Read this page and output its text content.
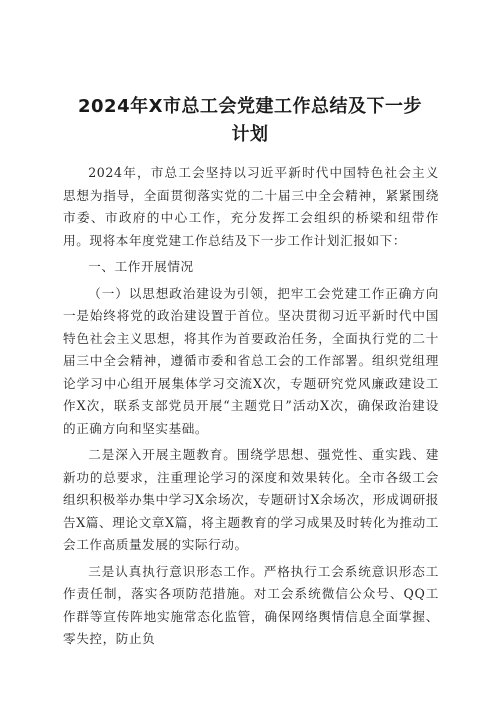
2024年X市总工会党建工作总结及下一步计划

2024年，市总工会坚持以习近平新时代中国特色社会主义思想为指导，全面贯彻落实党的二十届三中全会精神，紧紧围绕市委、市政府的中心工作，充分发挥工会组织的桥梁和纽带作用。现将本年度党建工作总结及下一步工作计划汇报如下：

一、工作开展情况

（一）以思想政治建设为引领，把牢工会党建工作正确方向一是始终将党的政治建设置于首位。坚决贯彻习近平新时代中国特色社会主义思想，将其作为首要政治任务，全面执行党的二十届三中全会精神，遵循市委和省总工会的工作部署。组织党组理论学习中心组开展集体学习交流X次，专题研究党风廉政建设工作X次，联系支部党员开展“主题党日”活动X次，确保政治建设的正确方向和坚实基础。

二是深入开展主题教育。围绕学思想、强党性、重实践、建新功的总要求，注重理论学习的深度和效果转化。全市各级工会组织积极举办集中学习X余场次，专题研讨X余场次，形成调研报告X篇、理论文章X篇，将主题教育的学习成果及时转化为推动工会工作高质量发展的实际行动。

三是认真执行意识形态工作。严格执行工会系统意识形态工作责任制，落实各项防范措施。对工会系统微信公众号、QQ工作群等宣传阵地实施常态化监管，确保网络舆情信息全面掌握、零失控，防止负
